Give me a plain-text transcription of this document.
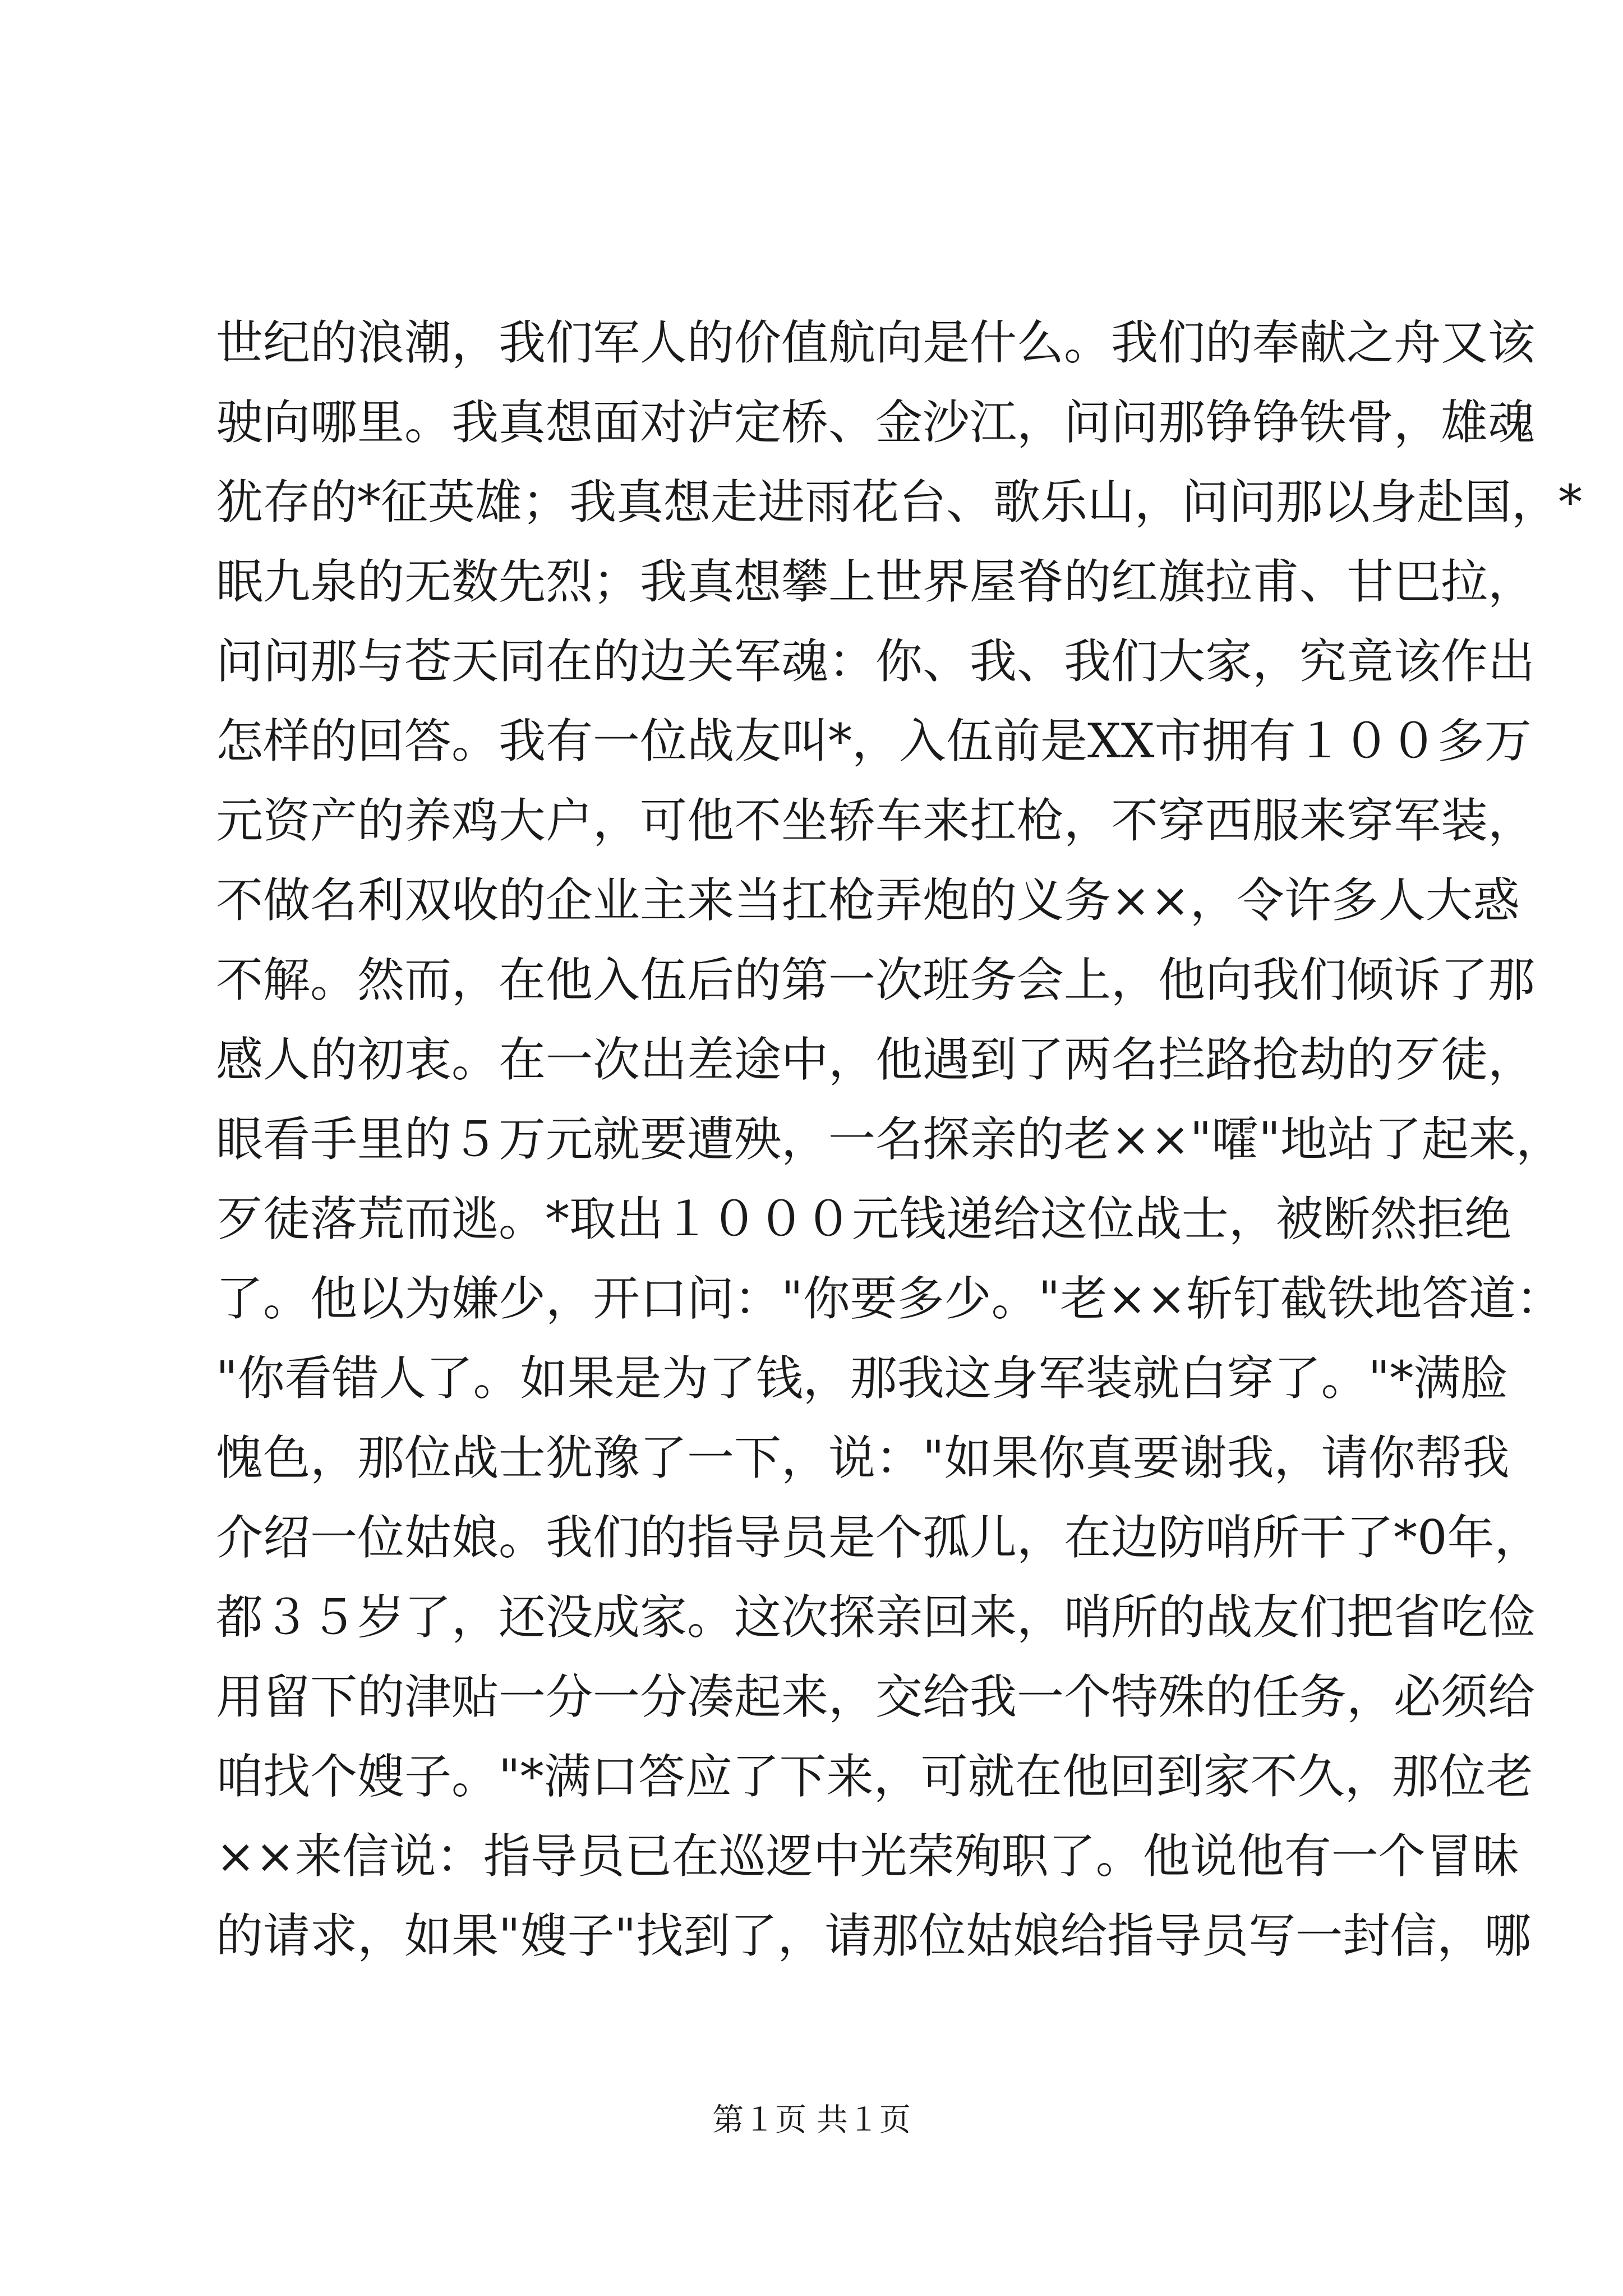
世纪的浪潮，我们军人的价值航向是什么。我们的奉献之舟又该
驶向哪里。我真想面对泸定桥、金沙江，问问那铮铮铁骨，雄魂
犹存的*征英雄；我真想走进雨花台、歌乐山，问问那以身赴国，*
眠九泉的无数先烈；我真想攀上世界屋脊的红旗拉甫、甘巴拉，
问问那与苍天同在的边关军魂：你、我、我们大家，究竟该作出
怎样的回答。我有一位战友叫*，入伍前是XX市拥有１００多万
元资产的养鸡大户，可他不坐轿车来扛枪，不穿西服来穿军装，
不做名利双收的企业主来当扛枪弄炮的义务××，令许多人大惑
不解。然而，在他入伍后的第一次班务会上，他向我们倾诉了那
感人的初衷。在一次出差途中，他遇到了两名拦路抢劫的歹徒，
眼看手里的５万元就要遭殃，一名探亲的老××"嚯"地站了起来，
歹徒落荒而逃。*取出１０００元钱递给这位战士，被断然拒绝
了。他以为嫌少，开口问："你要多少。"老××斩钉截铁地答道：
"你看错人了。如果是为了钱，那我这身军装就白穿了。"*满脸
愧色，那位战士犹豫了一下，说："如果你真要谢我，请你帮我
介绍一位姑娘。我们的指导员是个孤儿，在边防哨所干了*0年，
都３５岁了，还没成家。这次探亲回来，哨所的战友们把省吃俭
用留下的津贴一分一分凑起来，交给我一个特殊的任务，必须给
咱找个嫂子。"*满口答应了下来，可就在他回到家不久，那位老
××来信说：指导员已在巡逻中光荣殉职了。他说他有一个冒昧
的请求，如果"嫂子"找到了，请那位姑娘给指导员写一封信，哪
第１页 共１页
